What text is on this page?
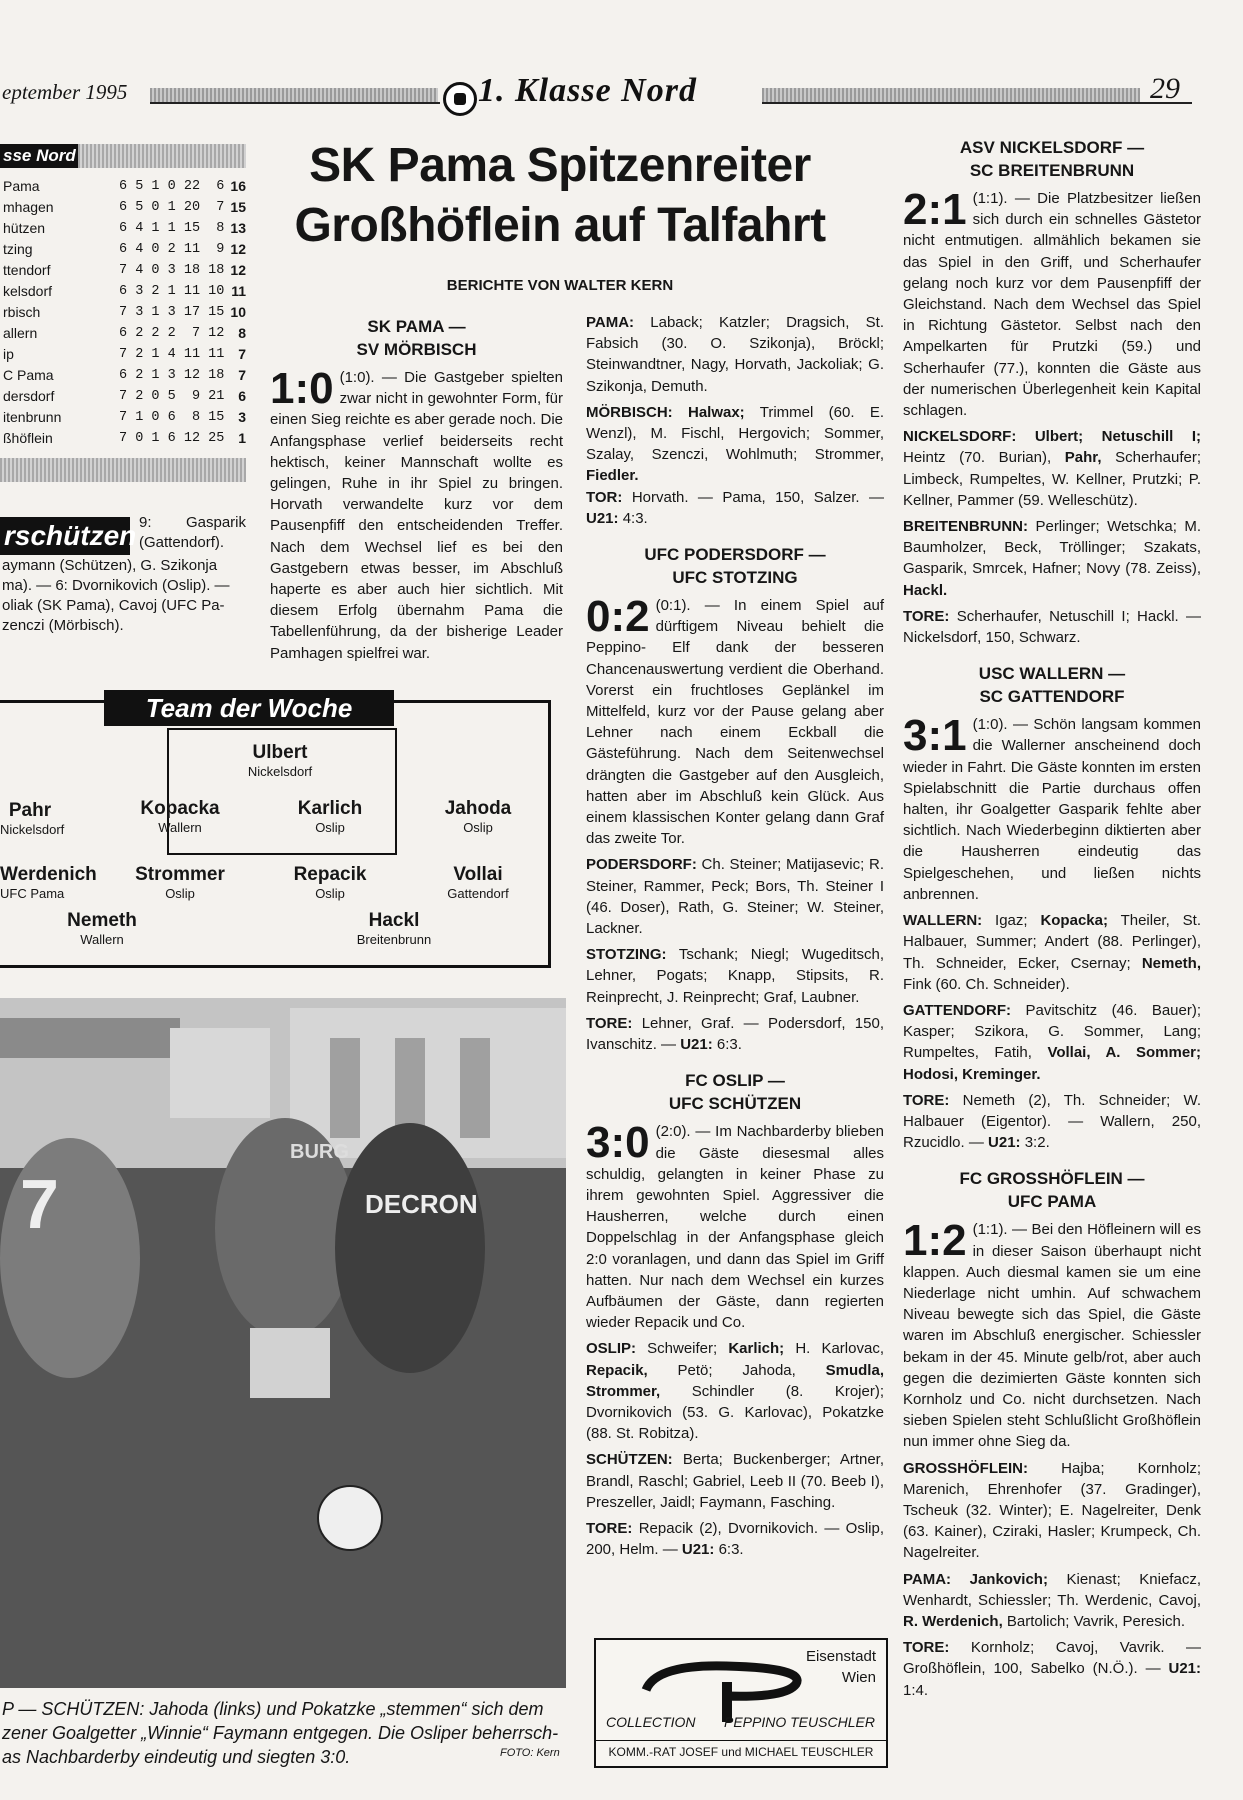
eptember 1995	1. Klasse Nord	29
sse Nord
Pama	6 5 1 0 22  6 16
mhagen	6 5 0 1 20  7 15
hützen	6 4 1 1 15  8 13
tzing	6 4 0 2 11  9 12
ttendorf	7 4 0 3 18 18 12
kelsdorf	6 3 2 1 11 10 11
rbisch	7 3 1 3 17 15 10
allern	6 2 2 2  7 12 8
ip	7 2 1 4 11 11 7
C Pama	6 2 1 3 12 18 7
dersdorf	7 2 0 5  9 21 6
itenbrunn	7 1 0 6  8 15 3
ßhöflein	7 0 1 6 12 25 1
rschützen 9: Gasparik (Gattendorf).
aymann (Schützen), G. Szikonja
ma). — 6: Dvornikovich (Oslip). —
oliak (SK Pama), Cavoj (UFC Pa-
zenczi (Mörbisch).
SK Pama Spitzenreiter
Großhöflein auf Talfahrt
BERICHTE VON WALTER KERN
SK PAMA —
SV MÖRBISCH

1:0 (1:0). — Die Gastgeber spielten zwar nicht in gewohnter Form, für einen Sieg reichte es aber gerade noch. Die Anfangsphase verlief beiderseits recht hektisch, keiner Mannschaft wollte es gelingen, Ruhe in ihr Spiel zu bringen. Horvath verwandelte kurz vor dem Pausenpfiff den entscheidenden Treffer. Nach dem Wechsel lief es bei den Gastgebern etwas besser, im Abschluß haperte es aber auch hier sichtlich. Mit diesem Erfolg übernahm Pama die Tabellenführung, da der bisherige Leader Pamhagen spielfrei war.

PAMA: Laback; Katzler; Dragsich, St. Fabsich (30. O. Szikonja), Bröckl; Steinwandtner, Nagy, Horvath, Jackoliak; G. Szikonja, Demuth.

MÖRBISCH: Halwax; Trimmel (60. E. Wenzl), M. Fischl, Hergovich; Sommer, Szalay, Szenczi, Wohlmuth; Strommer, Fiedler.

TOR: Horvath. — Pama, 150, Salzer. — U21: 4:3.

UFC PODERSDORF —
UFC STOTZING

0:2 (0:1). — In einem Spiel auf dürftigem Niveau behielt die Peppino- Elf dank der besseren Chancenauswertung verdient die Oberhand. Vorerst ein fruchtloses Geplänkel im Mittelfeld, kurz vor der Pause gelang aber Lehner nach einem Eckball die Gästeführung. Nach dem Seitenwechsel drängten die Gastgeber auf den Ausgleich, hatten aber im Abschluß kein Glück. Aus einem klassischen Konter gelang dann Graf das zweite Tor.

PODERSDORF: Ch. Steiner; Matijasevic; R. Steiner, Rammer, Peck; Bors, Th. Steiner I (46. Doser), Rath, G. Steiner; W. Steiner, Lackner.

STOTZING: Tschank; Niegl; Wugeditsch, Lehner, Pogats; Knapp, Stipsits, R. Reinprecht, J. Reinprecht; Graf, Laubner.

TORE: Lehner, Graf. — Podersdorf, 150, Ivanschitz. — U21: 6:3.

FC OSLIP —
UFC SCHÜTZEN

3:0 (2:0). — Im Nachbarderby blieben die Gäste diesesmal alles schuldig, gelangten in keiner Phase zu ihrem gewohnten Spiel. Aggressiver die Hausherren, welche durch einen Doppelschlag in der Anfangsphase gleich 2:0 voranlagen, und dann das Spiel im Griff hatten. Nur nach dem Wechsel ein kurzes Aufbäumen der Gäste, dann regierten wieder Repacik und Co.

OSLIP: Schweifer; Karlich; H. Karlovac, Repacik, Petö; Jahoda, Smudla, Strommer, Schindler (8. Krojer); Dvornikovich (53. G. Karlovac), Pokatzke (88. St. Robitza).

SCHÜTZEN: Berta; Buckenberger; Artner, Brandl, Raschl; Gabriel, Leeb II (70. Beeb I), Preszeller, Jaidl; Faymann, Fasching.

TORE: Repacik (2), Dvornikovich. — Oslip, 200, Helm. — U21: 6:3.

ASV NICKELSDORF —
SC BREITENBRUNN

2:1 (1:1). — Die Platzbesitzer ließen sich durch ein schnelles Gästetor nicht entmutigen. allmählich bekamen sie das Spiel in den Griff, und Scherhaufer gelang noch kurz vor dem Pausenpfiff der Gleichstand. Nach dem Wechsel das Spiel in Richtung Gästetor. Selbst nach den Ampelkarten für Prutzki (59.) und Scherhaufer (77.), konnten die Gäste aus der numerischen Überlegenheit kein Kapital schlagen.

NICKELSDORF: Ulbert; Netuschill I; Heintz (70. Burian), Pahr, Scherhaufer; Limbeck, Rumpeltes, W. Kellner, Prutzki; P. Kellner, Pammer (59. Welleschütz).

BREITENBRUNN: Perlinger; Wetschka; M. Baumholzer, Beck, Tröllinger; Szakats, Gasparik, Smrcek, Hafner; Novy (78. Zeiss), Hackl.

TORE: Scherhaufer, Netuschill I; Hackl. — Nickelsdorf, 150, Schwarz.

USC WALLERN —
SC GATTENDORF

3:1 (1:0). — Schön langsam kommen die Wallerner anscheinend doch wieder in Fahrt. Die Gäste konnten im ersten Spielabschnitt die Partie durchaus offen halten, ihr Goalgetter Gasparik fehlte aber sichtlich. Nach Wiederbeginn diktierten aber die Hausherren eindeutig das Spielgeschehen, und ließen nichts anbrennen.

WALLERN: Igaz; Kopacka; Theiler, St. Halbauer, Summer; Andert (88. Perlinger), Th. Schneider, Ecker, Csernay; Nemeth, Fink (60. Ch. Schneider).

GATTENDORF: Pavitschitz (46. Bauer); Kasper; Szikora, G. Sommer, Lang; Rumpeltes, Fatih, Vollai, A. Sommer; Hodosi, Kreminger.

TORE: Nemeth (2), Th. Schneider; W. Halbauer (Eigentor). — Wallern, 250, Rzucidlo. — U21: 3:2.

FC GROSSHÖFLEIN —
UFC PAMA

1:2 (1:1). — Bei den Höfleinern will es in dieser Saison überhaupt nicht klappen. Auch diesmal kamen sie um eine Niederlage nicht umhin. Auf schwachem Niveau bewegte sich das Spiel, die Gäste waren im Abschluß energischer. Schiessler bekam in der 45. Minute gelb/rot, aber auch gegen die dezimierten Gäste konnten sich Kornholz und Co. nicht durchsetzen. Nach sieben Spielen steht Schlußlicht Großhöflein nun immer ohne Sieg da.

GROSSHÖFLEIN: Hajba; Kornholz; Marenich, Ehrenhofer (37. Gradinger), Tscheuk (32. Winter); E. Nagelreiter, Denk (63. Kainer), Cziraki, Hasler; Krumpeck, Ch. Nagelreiter.

PAMA: Jankovich; Kienast; Kniefacz, Wenhardt, Schiessler; Th. Werdenic, Cavoj, R. Werdenich, Bartolich; Vavrik, Peresich.

TORE: Kornholz; Cavoj, Vavrik. — Großhöflein, 100, Sabelko (N.Ö.). — U21: 1:4.

Team der Woche
Ulbert
Nickelsdorf
Pahr
Nickelsdorf
Kopacka
Wallern
Karlich
Oslip
Jahoda
Oslip
Werdenich
UFC Pama
Strommer
Oslip
Repacik
Oslip
Vollai
Gattendorf
Nemeth
Wallern
Hackl
Breitenbrunn
7
BURG
DECRON
P — SCHÜTZEN: Jahoda (links) und Pokatzke „stemmen“ sich dem zener Goalgetter „Winnie“ Faymann entgegen. Die Osliper beherrsch-as Nachbarderby eindeutig und siegten 3:0.	FOTO: Kern
Eisenstadt
Wien
COLLECTION PEPPINO TEUSCHLER
KOMM.-RAT JOSEF und MICHAEL TEUSCHLER
